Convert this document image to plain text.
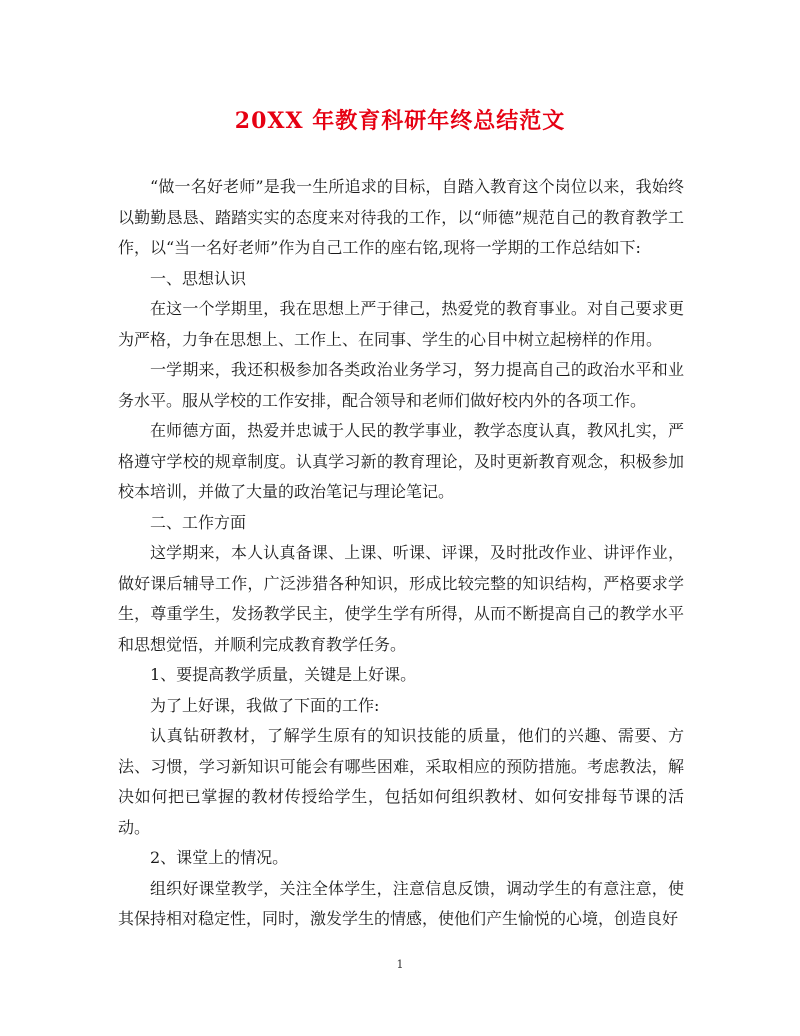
20XX 年教育科研年终总结范文

“做一名好老师”是我一生所追求的目标，自踏入教育这个岗位以来，我始终以勤勤恳恳、踏踏实实的态度来对待我的工作，以“师德”规范自己的教育教学工作，以“当一名好老师”作为自己工作的座右铭,现将一学期的工作总结如下:

一、思想认识

在这一个学期里，我在思想上严于律己，热爱党的教育事业。对自己要求更为严格，力争在思想上、工作上、在同事、学生的心目中树立起榜样的作用。

一学期来，我还积极参加各类政治业务学习，努力提高自己的政治水平和业务水平。服从学校的工作安排，配合领导和老师们做好校内外的各项工作。

在师德方面，热爱并忠诚于人民的教学事业，教学态度认真，教风扎实，严格遵守学校的规章制度。认真学习新的教育理论，及时更新教育观念，积极参加校本培训，并做了大量的政治笔记与理论笔记。

二、工作方面

这学期来，本人认真备课、上课、听课、评课，及时批改作业、讲评作业，做好课后辅导工作，广泛涉猎各种知识，形成比较完整的知识结构，严格要求学生，尊重学生，发扬教学民主，使学生学有所得，从而不断提高自己的教学水平和思想觉悟，并顺利完成教育教学任务。

1、要提高教学质量，关键是上好课。

为了上好课，我做了下面的工作:

认真钻研教材，了解学生原有的知识技能的质量，他们的兴趣、需要、方法、习惯，学习新知识可能会有哪些困难，采取相应的预防措施。考虑教法，解决如何把已掌握的教材传授给学生，包括如何组织教材、如何安排每节课的活动。

2、课堂上的情况。

组织好课堂教学，关注全体学生，注意信息反馈，调动学生的有意注意，使其保持相对稳定性，同时，激发学生的情感，使他们产生愉悦的心境，创造良好

1
